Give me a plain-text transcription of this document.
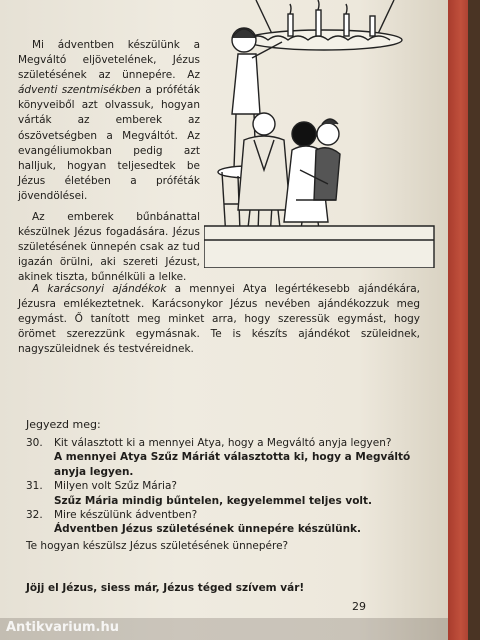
Mi ádventben készülünk a Megváltó eljövetelének, Jézus születésének az ünnepére. Az ádventi szentmisékben a próféták könyveiből azt olvassuk, hogyan várták az emberek az ószövetségben a Megváltót. Az evangéliumokban pedig azt halljuk, hogyan teljesedtek be Jézus életében a próféták jövendölései.

Az emberek bűnbánattal készülnek Jézus fogadására. Jézus születésének ünnepén csak az tud igazán örülni, aki szereti Jézust, akinek tiszta, bűnnélküli a lelke.

A karácsonyi ajándékok a mennyei Atya legértékesebb ajándékára, Jézusra emlékeztetnek. Karácsonykor Jézus nevében ajándékozzuk meg egymást. Ő tanított meg minket arra, hogy szeressük egymást, hogy örömet szerezzünk egymásnak. Te is készíts ajándékot szüleidnek, nagyszüleidnek és testvéreidnek.
Jegyezd meg:
30.	Kit választott ki a mennyei Atya, hogy a Megváltó anyja legyen?
A mennyei Atya Szűz Máriát választotta ki, hogy a Megváltó anyja legyen.
31.	Milyen volt Szűz Mária?
Szűz Mária mindig bűntelen, kegyelemmel teljes volt.
32.	Mire készülünk ádventben?
Ádventben Jézus születésének ünnepére készülünk.
Te hogyan készülsz Jézus születésének ünnepére?
Jöjj el Jézus, siess már, Jézus téged szívem vár!
29
Antikvarium.hu
